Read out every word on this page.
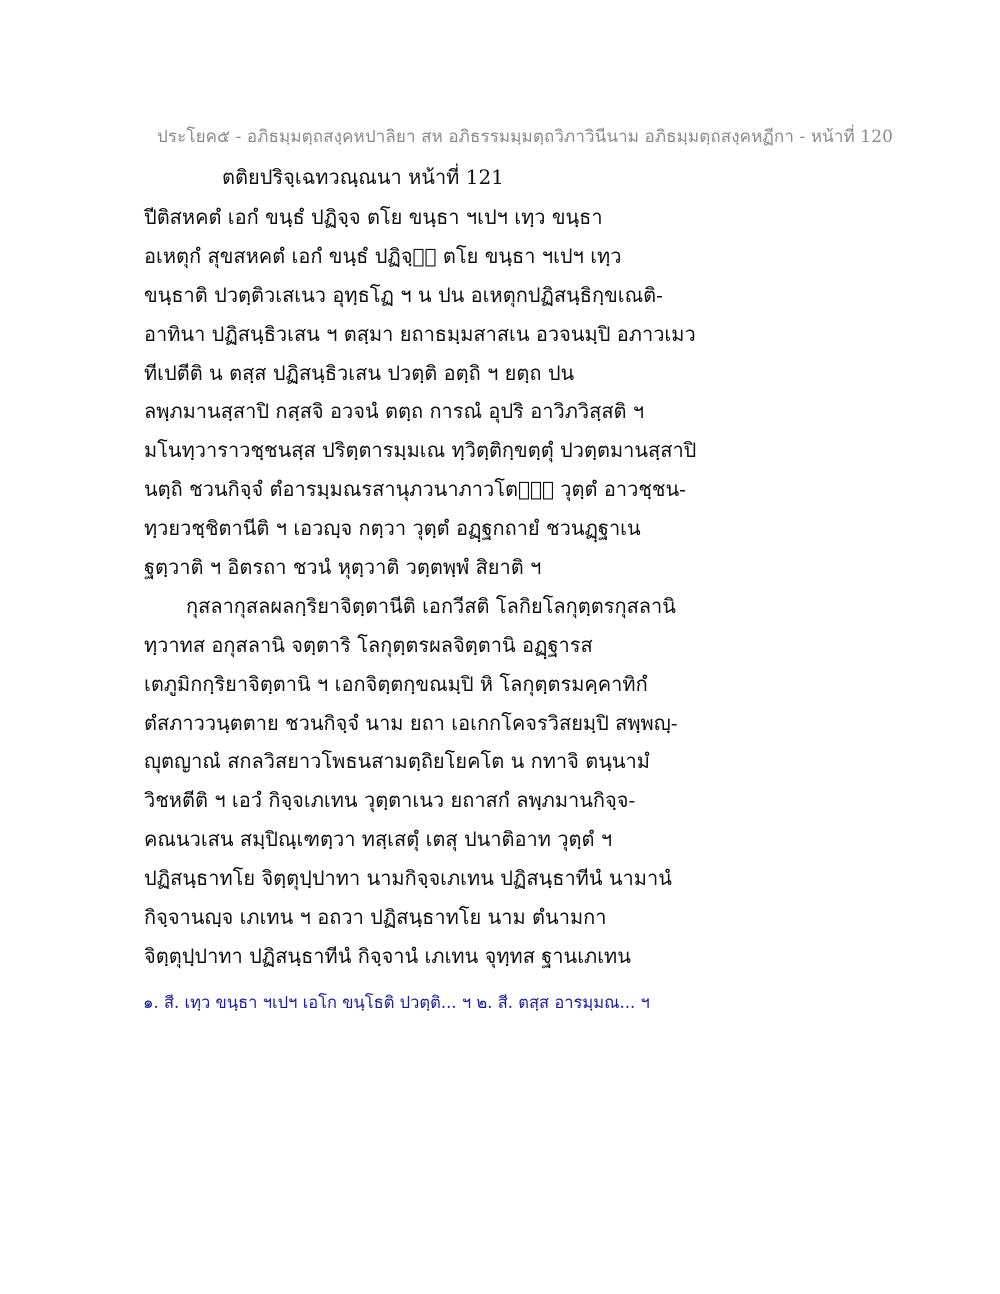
ประโยค๕ - อภิธมฺมตฺถสงฺคหปาลิยา สห อภิธรรมมฺมตฺถวิภาวินีนาม อภิธมฺมตฺถสงฺคหฏีกา - หน้าที่ 120
ตติยปริจฺเฉทวณฺณนา หน้าที่ 121
ปีติสหคตํ เอกํ ขนฺธํ ปฏิจฺจ ตโย ขนฺธา ฯเปฯ เทฺว ขนฺธา
อเหตุกํ สุขสหคตํ เอกํ ขนฺธํ ปฏิจฺจ᪵ ตโย ขนฺธา ฯเปฯ เทฺว
ขนฺธาติ ปวตฺติวเสเนว อุทฺธโฏ ฯ น ปน อเหตุกปฏิสนฺธิกฺขเณติ-
อาทินา ปฏิสนฺธิวเสน ฯ ตสฺมา ยถาธมฺมสาสเน อวจนมฺปิ อภาวเมว
ทีเปตีติ น ตสฺส ปฏิสนฺธิวเสน ปวตฺติ อตฺถิ ฯ ยตฺถ ปน
ลพฺภมานสฺสาปิ กสฺสจิ อวจนํ ตตฺถ การณํ อุปริ อาวิภวิสฺสติ ฯ
มโนทฺวาราวชฺชนสฺส ปริตฺตารมฺมเณ ทฺวิตฺติกฺขตฺตุํ ปวตฺตมานสฺสาปิ
นตฺถิ ชวนกิจฺจํ ตํอารมฺมณรสานุภวนาภาวโตติ᪵ วุตฺตํ อาวชฺชน-
ทฺวยวชฺชิตานีติ ฯ เอวญฺจ กตฺวา วุตฺตํ อฏฺฐกถายํ ชวนฏฺฐาเน
ฐตฺวาติ ฯ อิตรถา ชวนํ หุตฺวาติ วตฺตพฺพํ สิยาติ ฯ
กุสลากุสลผลกฺริยาจิตฺตานีติ เอกวีสติ โลกิยโลกุตฺตรกุสลานิ
ทฺวาทส อกุสลานิ จตฺตาริ โลกุตฺตรผลจิตฺตานิ อฏฺฐารส
เตภูมิกกฺริยาจิตฺตานิ ฯ เอกจิตฺตกฺขณมฺปิ หิ โลกุตฺตรมคฺคาทิกํ
ตํสภาววนฺตตาย ชวนกิจฺจํ นาม ยถา เอเกกโคจรวิสยมฺปิ สพฺพญฺ-
ญุตญาณํ สกลวิสยาวโพธนสามตฺถิยโยคโต น กทาจิ ตนฺนามํ
วิชหตีติ ฯ เอวํ กิจฺจเภเทน วุตฺตาเนว ยถาสกํ ลพฺภมานกิจฺจ-
คณนวเสน สมฺปิณฺเฑตฺวา ทสฺเสตุํ เตสุ ปนาติอาท วุตฺตํ ฯ
ปฏิสนฺธาทโย จิตฺตุปฺปาทา นามกิจฺจเภเทน ปฏิสนฺธาทีนํ นามานํ
กิจฺจานญฺจ เภเทน ฯ อถวา ปฏิสนฺธาทโย นาม ตํนามกา
จิตฺตุปฺปาทา ปฏิสนฺธาทีนํ กิจฺจานํ เภเทน จุทฺทส ฐานเภเทน
๑. สี. เทฺว ขนฺธา ฯเปฯ เอโก ขนฺโธติ ปวตฺติ... ฯ ๒. สี. ตสฺส อารมฺมณ... ฯ
